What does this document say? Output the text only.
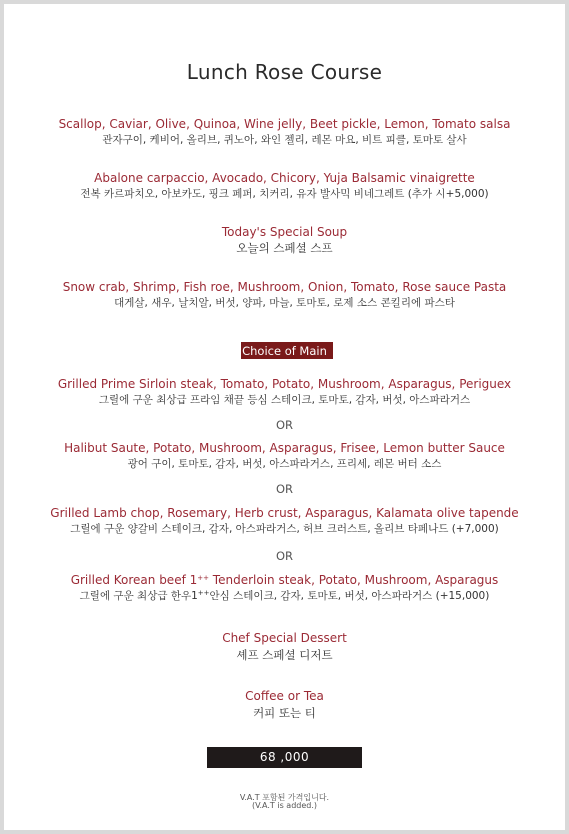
Lunch Rose Course
Scallop, Caviar, Olive, Quinoa, Wine jelly, Beet pickle, Lemon, Tomato salsa
관자구이, 케비어, 올리브, 퀴노아, 와인 젤리, 레몬 마요, 비트 피클, 토마토 살사
Abalone carpaccio, Avocado, Chicory, Yuja Balsamic vinaigrette
전복 카르파치오, 아보카도, 핑크 페퍼, 치커리, 유자 발사믹 비네그레트 (추가 시+5,000)
Today's Special Soup
오늘의 스페셜 스프
Snow crab, Shrimp, Fish roe, Mushroom, Onion, Tomato, Rose sauce Pasta
대게살, 새우, 날치알, 버섯, 양파, 마늘, 토마토, 로제 소스 콘킬리에 파스타
Choice of Main
Grilled Prime Sirloin steak, Tomato, Potato, Mushroom, Asparagus, Periguex
그릴에 구운 최상급 프라임 채끝 등심 스테이크, 토마토, 감자, 버섯, 아스파라거스
OR
Halibut Saute, Potato, Mushroom, Asparagus, Frisee, Lemon butter Sauce
광어 구이, 토마토, 감자, 버섯, 아스파라거스, 프리세, 레몬 버터 소스
OR
Grilled Lamb chop, Rosemary, Herb crust, Asparagus, Kalamata olive tapende
그릴에 구운 양갈비 스테이크, 감자, 아스파라거스, 허브 크러스트, 올리브 타페나드 (+7,000)
OR
Grilled Korean beef 1++ Tenderloin steak, Potato, Mushroom, Asparagus
그릴에 구운 최상급 한우1++안심 스테이크, 감자, 토마토, 버섯, 아스파라거스 (+15,000)
Chef Special Dessert
셰프 스페셜 디저트
Coffee or Tea
커피 또는 티
68 ,000
V.A.T 포함된 가격입니다.
(V.A.T is added.)
